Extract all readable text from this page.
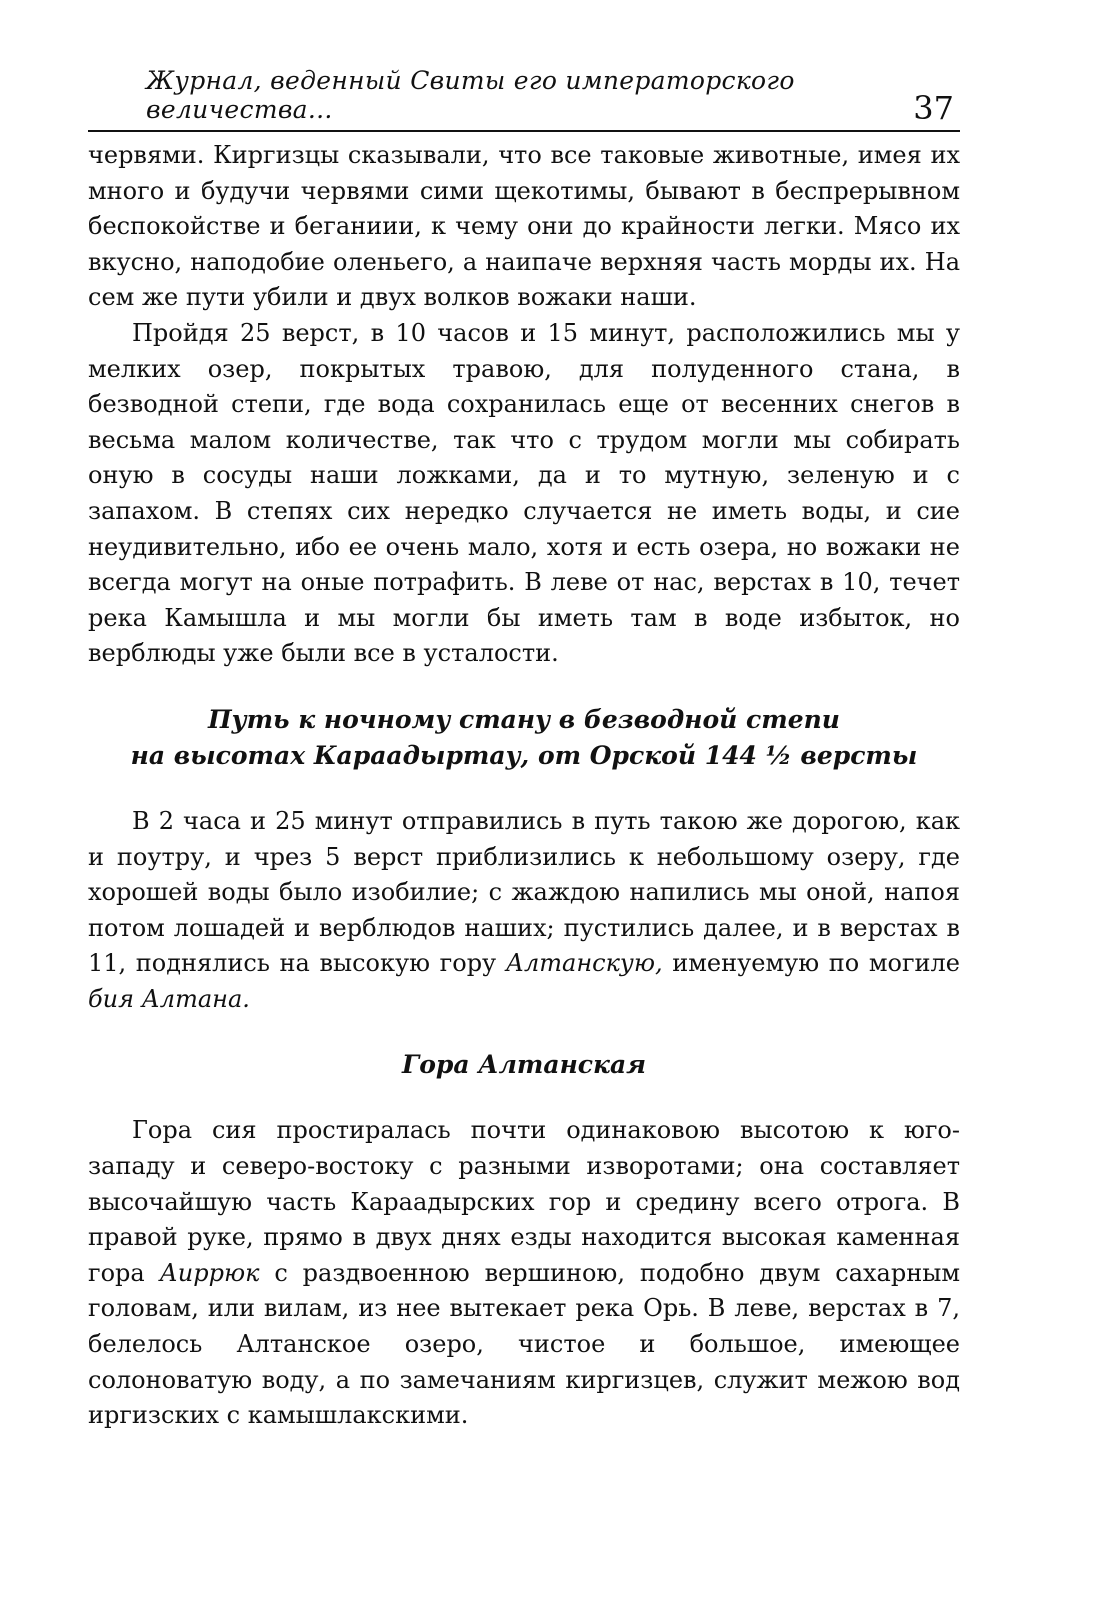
Журнал, веденный Свиты его императорского величества...	37

червями. Киргизцы сказывали, что все таковые животные, имея их много и будучи червями сими щекотимы, бывают в беспрерывном беспокойстве и беганиии, к чему они до крайности легки. Мясо их вкусно, наподобие оленьего, а наипаче верхняя часть морды их. На сем же пути убили и двух волков вожаки наши.

Пройдя 25 верст, в 10 часов и 15 минут, расположились мы у мелких озер, покрытых травою, для полуденного стана, в безводной степи, где вода сохранилась еще от весенних снегов в весьма малом количестве, так что с трудом могли мы собирать оную в сосуды наши ложками, да и то мутную, зеленую и с запахом. В степях сих нередко случается не иметь воды, и сие неудивительно, ибо ее очень мало, хотя и есть озера, но вожаки не всегда могут на оные потрафить. В леве от нас, верстах в 10, течет река Камышла и мы могли бы иметь там в воде избыток, но верблюды уже были все в усталости.

Путь к ночному стану в безводной степи
на высотах Караадыртау, от Орской 144 ½ версты

В 2 часа и 25 минут отправились в путь такою же дорогою, как и поутру, и чрез 5 верст приблизились к небольшому озеру, где хорошей воды было изобилие; с жаждою напились мы оной, напоя потом лошадей и верблюдов наших; пустились далее, и в верстах в 11, поднялись на высокую гору Алтанскую, именуемую по могиле бия Алтана.

Гора Алтанская

Гора сия простиралась почти одинаковою высотою к юго-западу и северо-востоку с разными изворотами; она составляет высочайшую часть Караадырских гор и средину всего отрога. В правой руке, прямо в двух днях езды находится высокая каменная гора Аиррюк с раздвоенною вершиною, подобно двум сахарным головам, или вилам, из нее вытекает река Орь. В леве, верстах в 7, белелось Алтанское озеро, чистое и большое, имеющее солоноватую воду, а по замечаниям киргизцев, служит межою вод иргизских с камышлакскими.
